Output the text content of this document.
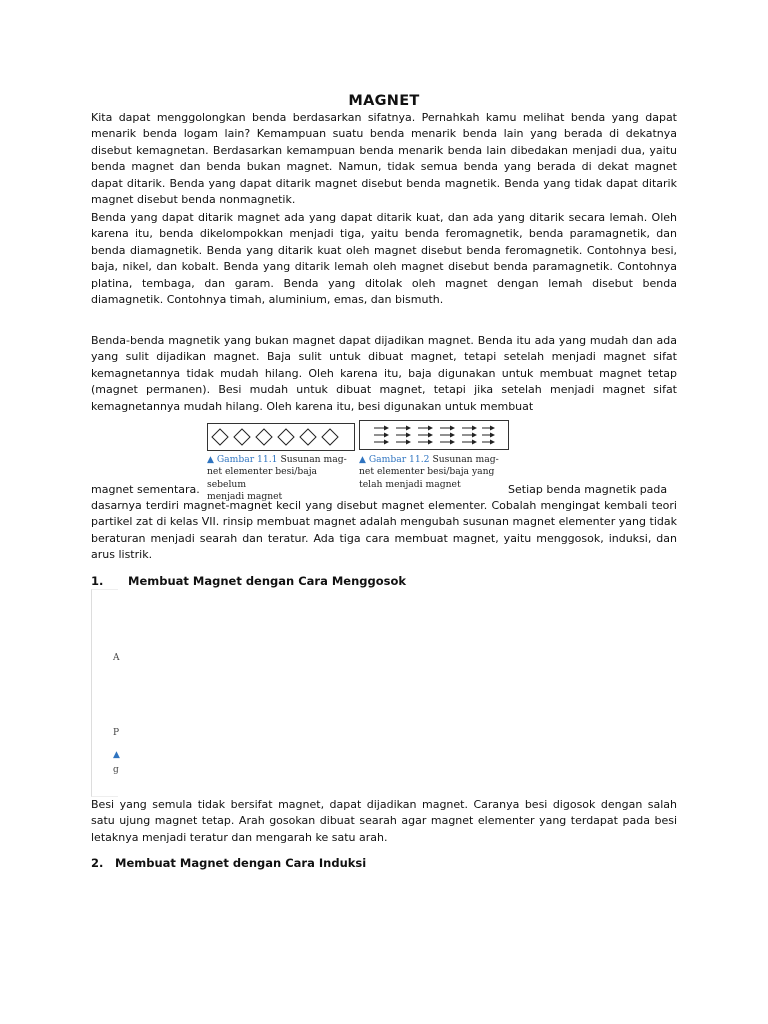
MAGNET

Kita dapat menggolongkan benda berdasarkan sifatnya. Pernahkah kamu melihat benda yang dapat menarik benda logam lain? Kemampuan suatu benda menarik benda lain yang berada di dekatnya disebut kemagnetan. Berdasarkan kemampuan benda menarik benda lain dibedakan menjadi dua, yaitu benda magnet dan benda bukan magnet. Namun, tidak semua benda yang berada di dekat magnet dapat ditarik. Benda yang dapat ditarik magnet disebut benda magnetik. Benda yang tidak dapat ditarik magnet disebut benda nonmagnetik.

Benda yang dapat ditarik magnet ada yang dapat ditarik kuat, dan ada yang ditarik secara lemah. Oleh karena itu, benda dikelompokkan menjadi tiga, yaitu benda feromagnetik, benda paramagnetik, dan benda diamagnetik. Benda yang ditarik kuat oleh magnet disebut benda feromagnetik. Contohnya besi, baja, nikel, dan kobalt. Benda yang ditarik lemah oleh magnet disebut benda paramagnetik. Contohnya platina, tembaga, dan garam. Benda yang ditolak oleh magnet dengan lemah disebut benda diamagnetik. Contohnya timah, aluminium, emas, dan bismuth.

Benda-benda magnetik yang bukan magnet dapat dijadikan magnet. Benda itu ada yang mudah dan ada yang sulit dijadikan magnet. Baja sulit untuk dibuat magnet, tetapi setelah menjadi magnet sifat kemagnetannya tidak mudah hilang. Oleh karena itu, baja digunakan untuk membuat magnet tetap (magnet permanen). Besi mudah untuk dibuat magnet, tetapi jika setelah menjadi magnet sifat kemagnetannya mudah hilang. Oleh karena itu, besi digunakan untuk membuat

▲ Gambar 11.1 Susunan mag-
net elementer besi/baja sebelum
menjadi magnet
▲ Gambar 11.2 Susunan mag-
net elementer besi/baja yang
telah menjadi magnet
magnet sementara.	Setiap benda magnetik pada

dasarnya terdiri magnet-magnet kecil yang disebut magnet elementer. Cobalah mengingat kembali teori partikel zat di kelas VII. rinsip membuat magnet adalah mengubah susunan magnet elementer yang tidak beraturan menjadi searah dan teratur. Ada tiga cara membuat magnet, yaitu menggosok, induksi, dan arus listrik.

1. Membuat Magnet dengan Cara Menggosok
A
P
▲
g

Besi yang semula tidak bersifat magnet, dapat dijadikan magnet. Caranya besi digosok dengan salah satu ujung magnet tetap. Arah gosokan dibuat searah agar magnet elementer yang terdapat pada besi letaknya menjadi teratur dan mengarah ke satu arah.

2. Membuat Magnet dengan Cara Induksi
